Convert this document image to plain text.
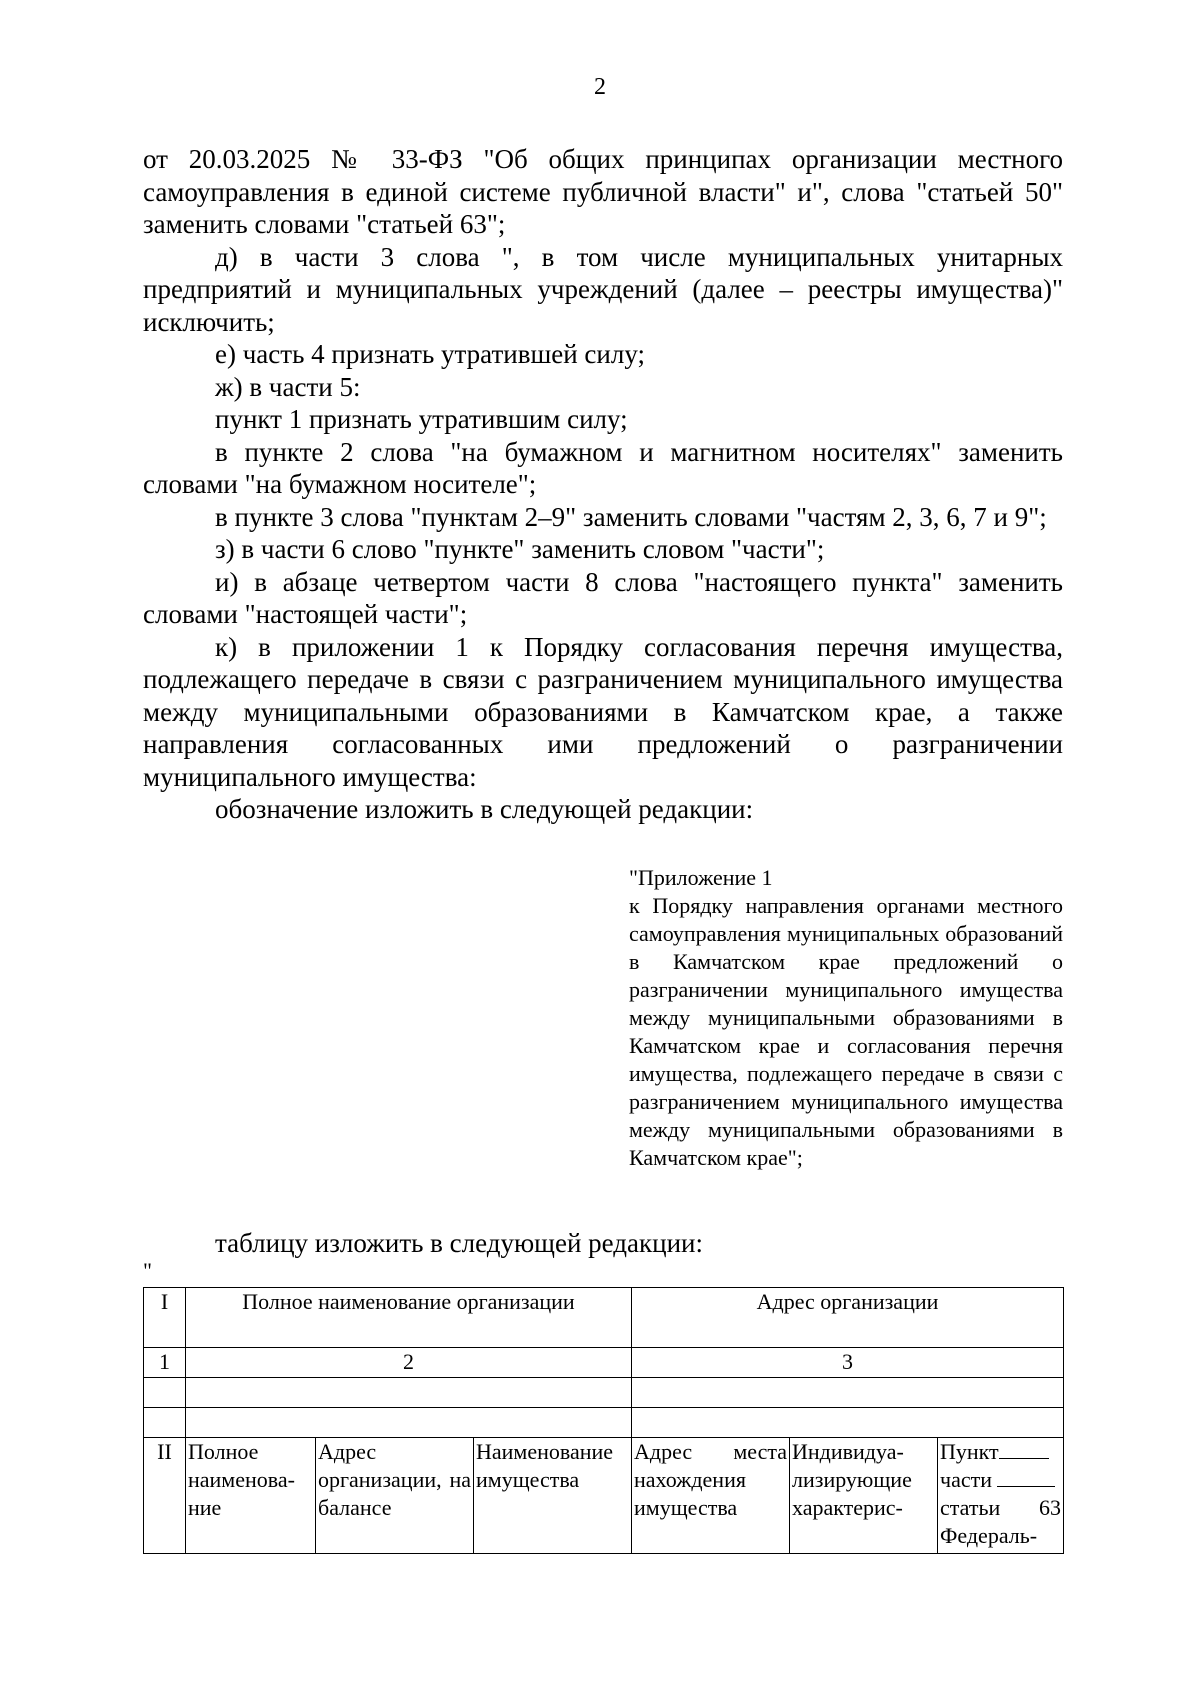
2

от 20.03.2025 № 33-ФЗ "Об общих принципах организации местного самоуправления в единой системе публичной власти" и", слова "статьей 50" заменить словами "статьей 63";

д) в части 3 слова ", в том числе муниципальных унитарных предприятий и муниципальных учреждений (далее – реестры имущества)" исключить;

е) часть 4 признать утратившей силу;

ж) в части 5:

пункт 1 признать утратившим силу;

в пункте 2 слова "на бумажном и магнитном носителях" заменить словами "на бумажном носителе";

в пункте 3 слова "пунктам 2–9" заменить словами "частям 2, 3, 6, 7 и 9";

з) в части 6 слово "пункте" заменить словом "части";

и) в абзаце четвертом части 8 слова "настоящего пункта" заменить словами "настоящей части";

к) в приложении 1 к Порядку согласования перечня имущества, подлежащего передаче в связи с разграничением муниципального имущества между муниципальными образованиями в Камчатском крае, а также направления согласованных ими предложений о разграничении муниципального имущества:

обозначение изложить в следующей редакции:

"Приложение 1

к Порядку направления органами местного самоуправления муниципальных образований в Камчатском крае предложений о разграничении муниципального имущества между муниципальными образованиями в Камчатском крае и согласования перечня имущества, подлежащего передаче в связи с разграничением муниципального имущества между муниципальными образованиями в Камчатском крае";

таблицу изложить в следующей редакции:
"
I	Полное наименование организации			Адрес организации		
1	2			3		

II	Полное наименова-ние	Адрес организации, на балансе	Наименование имущества	Адрес места нахождения имущества	Индивидуа-лизирующие характерис-	Пункт
части
статьи 63
Федераль-
